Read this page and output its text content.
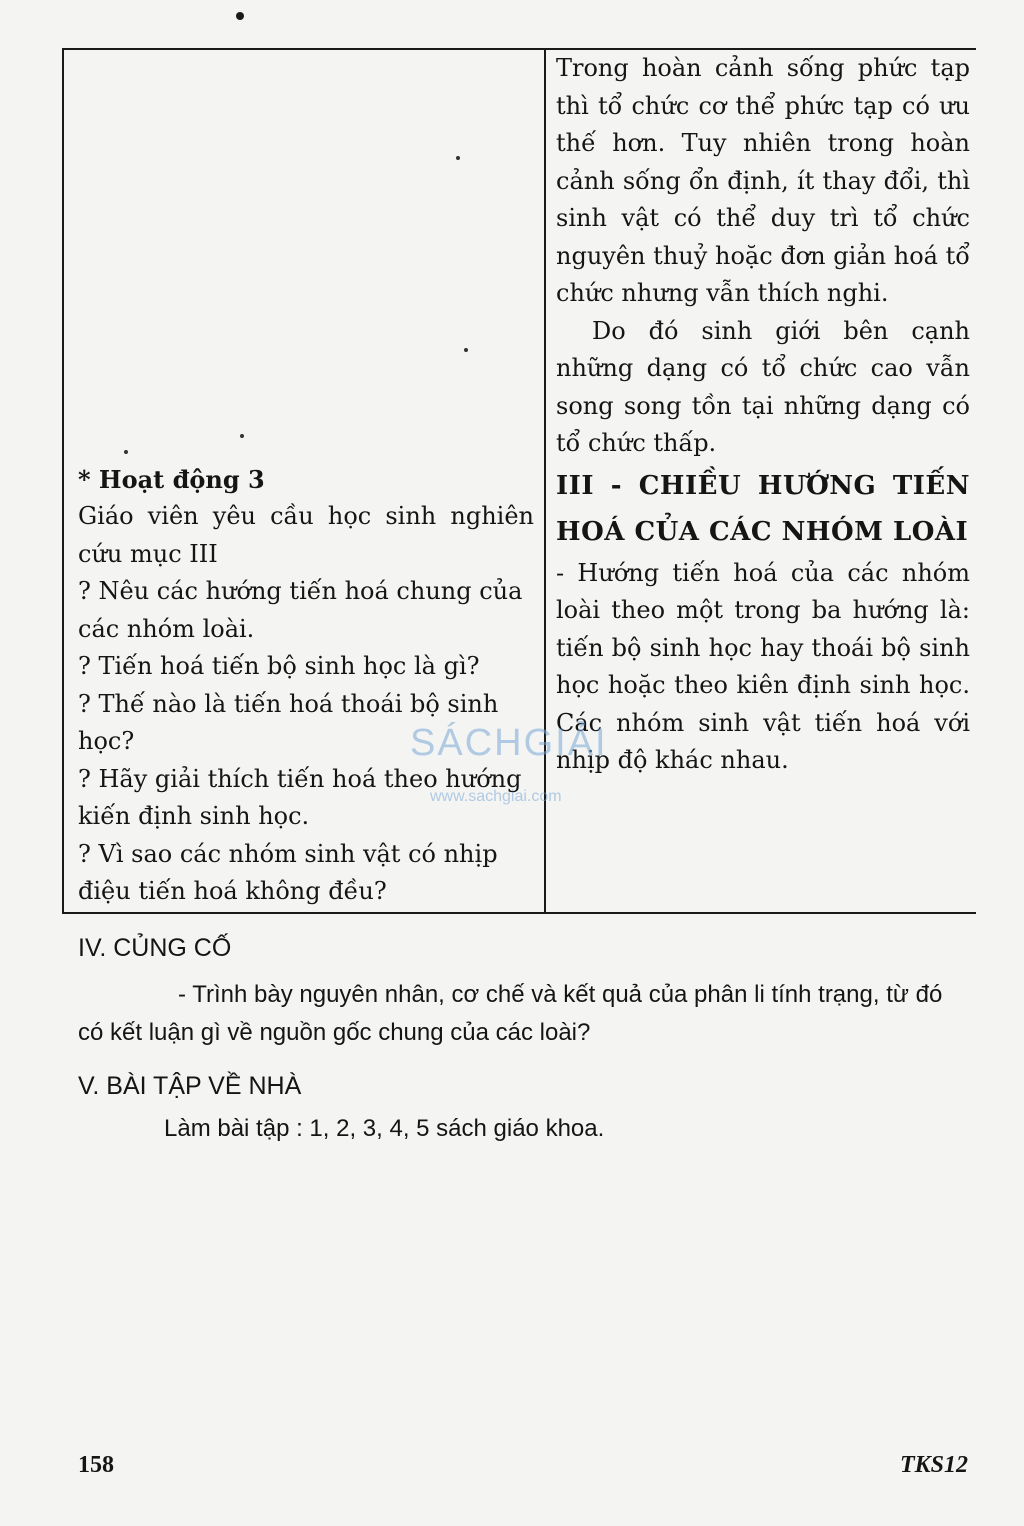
* Hoạt động 3

Giáo viên yêu cầu học sinh nghiên cứu mục III

? Nêu các hướng tiến hoá chung của các nhóm loài.

? Tiến hoá tiến bộ sinh học là gì?

? Thế nào là tiến hoá thoái bộ sinh học?

? Hãy giải thích tiến hoá theo hướng kiến định sinh học.

? Vì sao các nhóm sinh vật có nhịp điệu tiến hoá không đều?

Trong hoàn cảnh sống phức tạp thì tổ chức cơ thể phức tạp có ưu thế hơn. Tuy nhiên trong hoàn cảnh sống ổn định, ít thay đổi, thì sinh vật có thể duy trì tổ chức nguyên thuỷ hoặc đơn giản hoá tổ chức nhưng vẫn thích nghi.

Do đó sinh giới bên cạnh những dạng có tổ chức cao vẫn song song tồn tại những dạng có tổ chức thấp.

III - CHIỀU HƯỚNG TIẾN HOÁ CỦA CÁC NHÓM LOÀI

- Hướng tiến hoá của các nhóm loài theo một trong ba hướng là: tiến bộ sinh học hay thoái bộ sinh học hoặc theo kiên định sinh học. Các nhóm sinh vật tiến hoá với nhịp độ khác nhau.

SÁCHGIẢI
www.sachgiai.com

IV. CỦNG CỐ

- Trình bày nguyên nhân, cơ chế và kết quả của phân li tính trạng, từ đó có kết luận gì về nguồn gốc chung của các loài?

V. BÀI TẬP VỀ NHÀ

Làm bài tập : 1, 2, 3, 4, 5 sách giáo khoa.

158	TKS12
